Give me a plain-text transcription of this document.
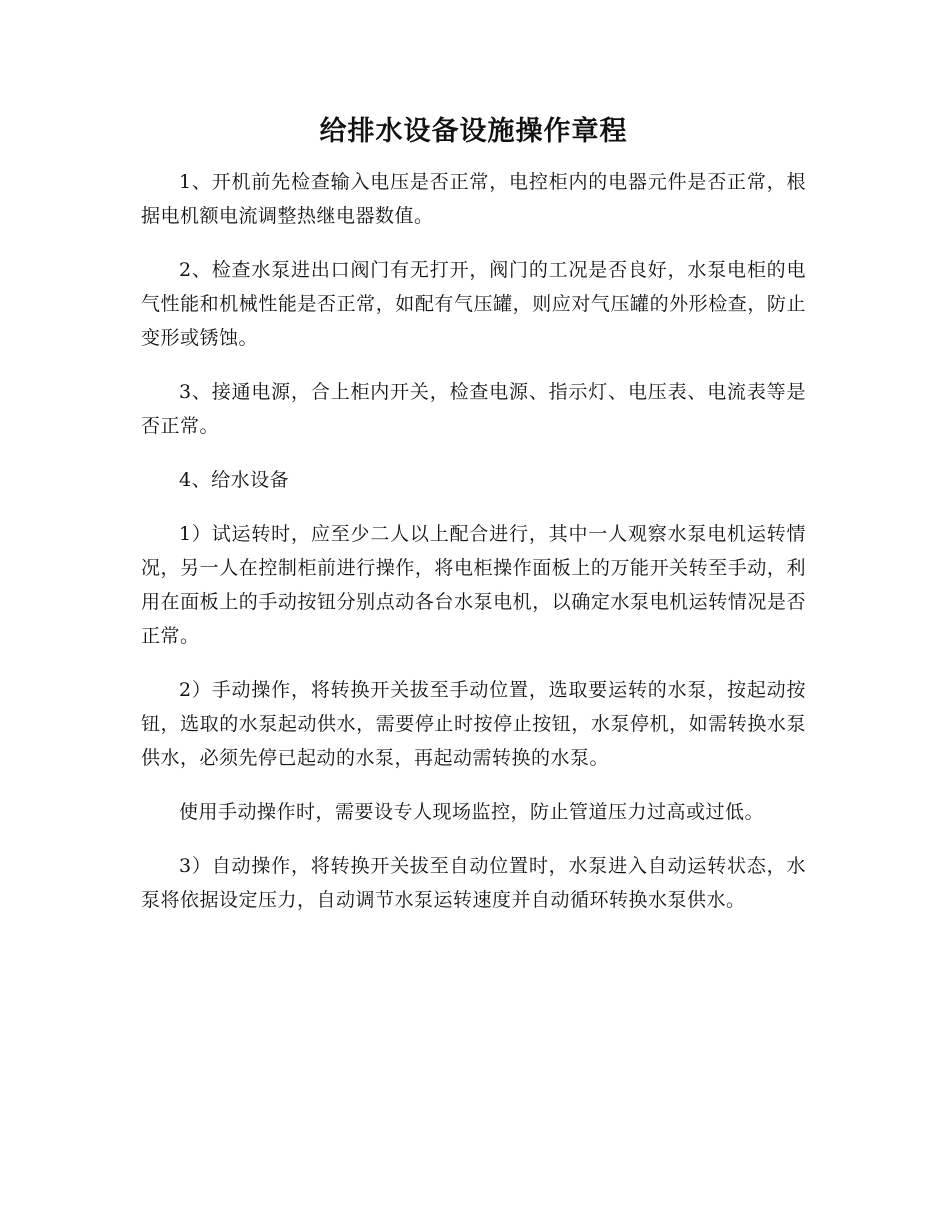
给排水设备设施操作章程

1、开机前先检查输入电压是否正常，电控柜内的电器元件是否正常，根据电机额电流调整热继电器数值。

2、检查水泵进出口阀门有无打开，阀门的工况是否良好，水泵电柜的电气性能和机械性能是否正常，如配有气压罐，则应对气压罐的外形检查，防止变形或锈蚀。

3、接通电源，合上柜内开关，检查电源、指示灯、电压表、电流表等是否正常。

4、给水设备

1）试运转时，应至少二人以上配合进行，其中一人观察水泵电机运转情况，另一人在控制柜前进行操作，将电柜操作面板上的万能开关转至手动，利用在面板上的手动按钮分别点动各台水泵电机，以确定水泵电机运转情况是否正常。

2）手动操作，将转换开关拔至手动位置，选取要运转的水泵，按起动按钮，选取的水泵起动供水，需要停止时按停止按钮，水泵停机，如需转换水泵供水，必须先停已起动的水泵，再起动需转换的水泵。

使用手动操作时，需要设专人现场监控，防止管道压力过高或过低。

3）自动操作，将转换开关拔至自动位置时，水泵进入自动运转状态，水泵将依据设定压力，自动调节水泵运转速度并自动循环转换水泵供水。
